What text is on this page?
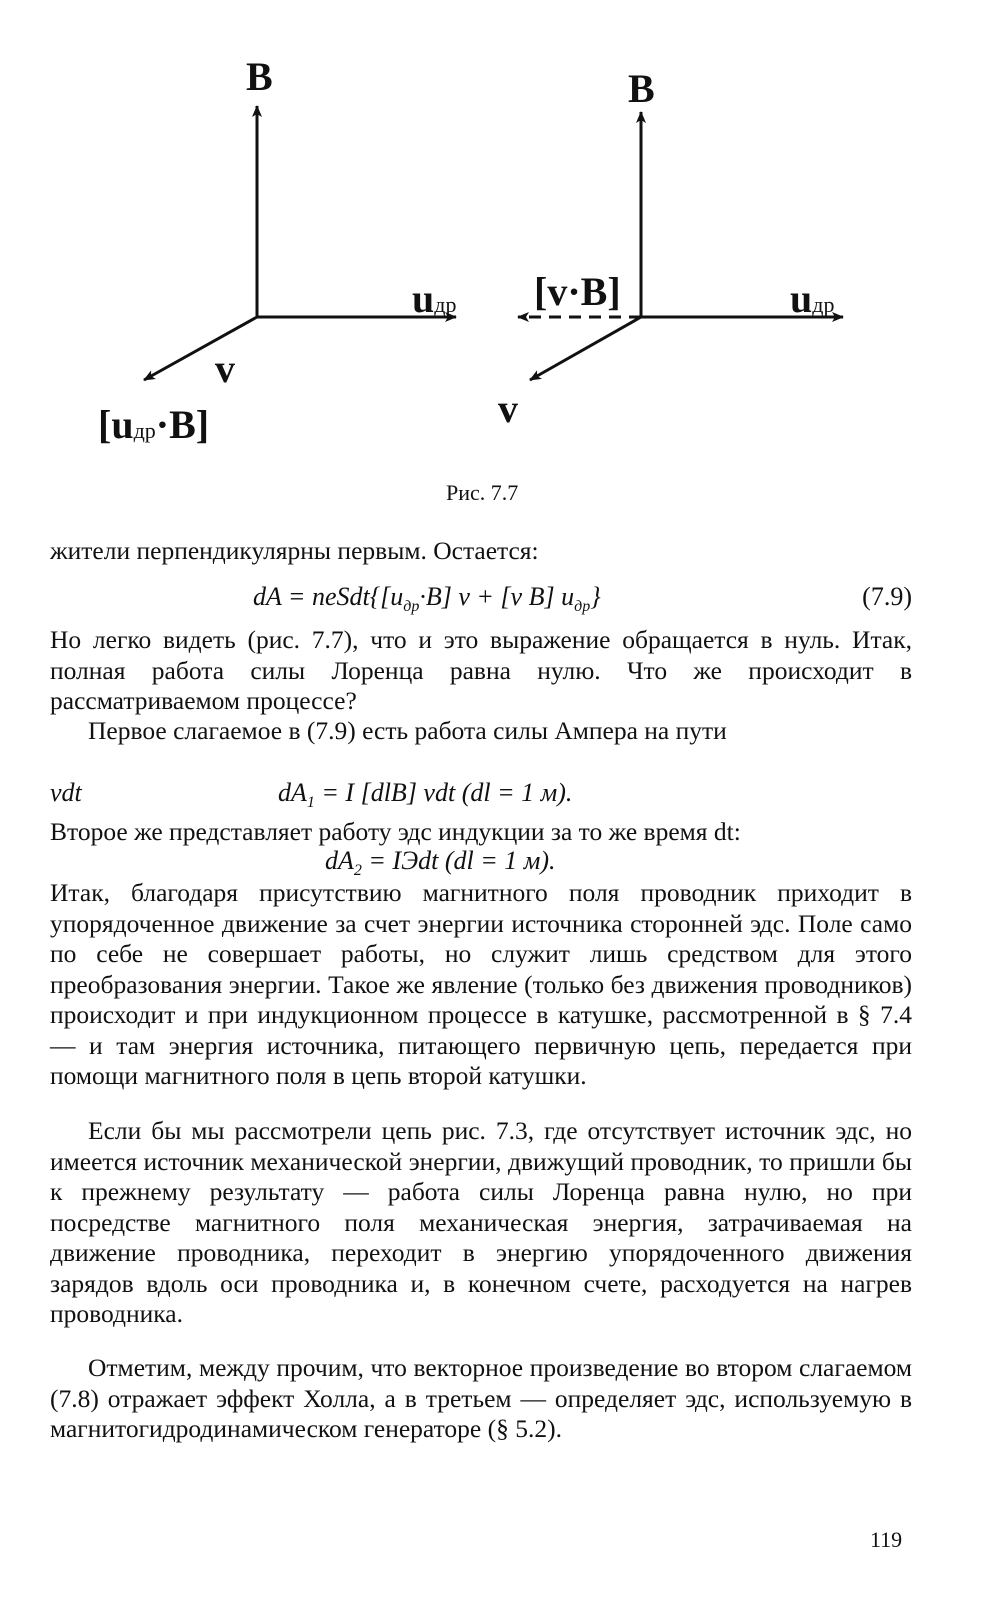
B
uдр
v
[uдр·B]
B
uдр
v
[v·B]
Рис. 7.7

жители перпендикулярны первым. Остается:

dA = $neSdt\{[u_{др}\cdot B] v + [v$ B] $u_{др}$}	(7.9)

Но легко видеть (рис. 7.7), что и это выражение обращается в нуль. Итак, полная работа силы Лоренца равна нулю. Что же происходит в рассматриваемом процессе?

Первое слагаемое в (7.9) есть работа силы Ампера на пути

vdt	$dA_1 = I$ [dlB] vdt (dl = 1 м).

Второе же представляет работу эдс индукции за то же время dt:

$dA_2$ = IЭdt (dl = 1 м).

Итак, благодаря присутствию магнитного поля проводник приходит в упорядоченное движение за счет энергии источника сторонней эдс. Поле само по себе не совершает работы, но служит лишь средством для этого преобразования энергии. Такое же явление (только без движения проводников) происходит и при индукционном процессе в катушке, рассмотренной в § 7.4 — и там энергия источника, питающего первичную цепь, передается при помощи магнитного поля в цепь второй катушки.

Если бы мы рассмотрели цепь рис. 7.3, где отсутствует источник эдс, но имеется источник механической энергии, движущий проводник, то пришли бы к прежнему результату — работа силы Лоренца равна нулю, но при посредстве магнитного поля механическая энергия, затрачиваемая на движение проводника, переходит в энергию упорядоченного движения зарядов вдоль оси проводника и, в конечном счете, расходуется на нагрев проводника.

Отметим, между прочим, что векторное произведение во втором слагаемом (7.8) отражает эффект Холла, а в третьем — определяет эдс, используемую в магнитогидродинамическом генераторе (§ 5.2).

119
